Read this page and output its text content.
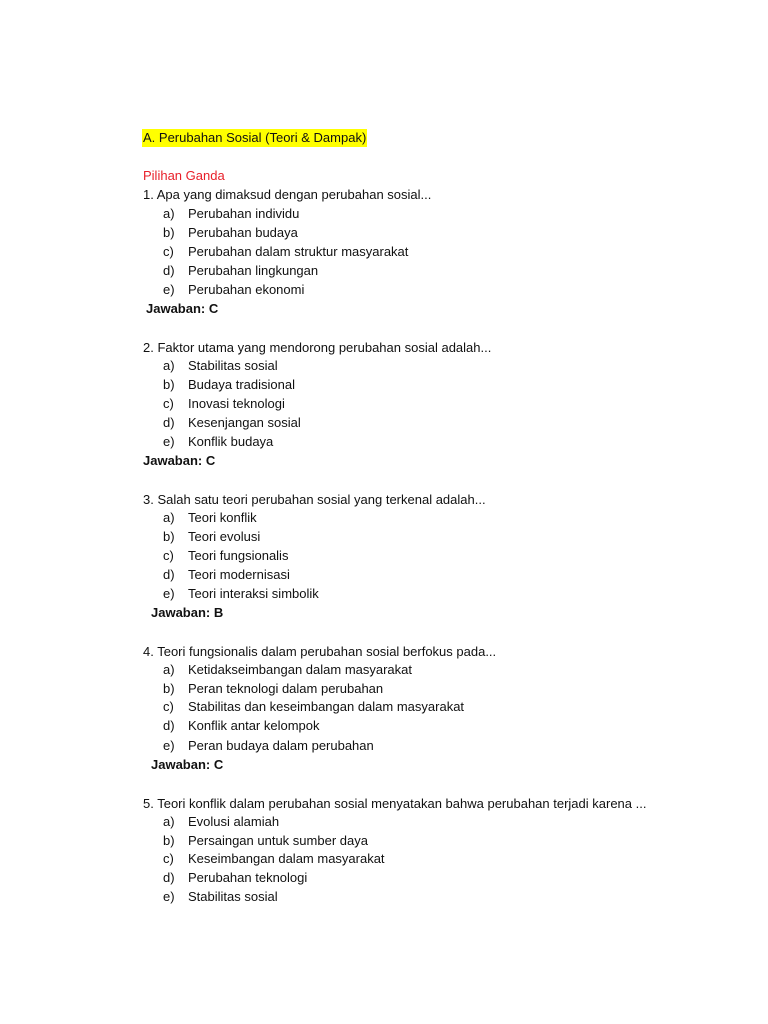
A. Perubahan Sosial (Teori & Dampak)
Pilihan Ganda
1. Apa yang dimaksud dengan perubahan sosial...
a) Perubahan individu
b) Perubahan budaya
c) Perubahan dalam struktur masyarakat
d) Perubahan lingkungan
e) Perubahan ekonomi
Jawaban: C
2. Faktor utama yang mendorong perubahan sosial adalah...
a) Stabilitas sosial
b) Budaya tradisional
c) Inovasi teknologi
d) Kesenjangan sosial
e) Konflik budaya
Jawaban: C
3. Salah satu teori perubahan sosial yang terkenal adalah...
a) Teori konflik
b) Teori evolusi
c) Teori fungsionalis
d) Teori modernisasi
e) Teori interaksi simbolik
Jawaban: B
4. Teori fungsionalis dalam perubahan sosial berfokus pada...
a) Ketidakseimbangan dalam masyarakat
b) Peran teknologi dalam perubahan
c) Stabilitas dan keseimbangan dalam masyarakat
d) Konflik antar kelompok
e) Peran budaya dalam perubahan
Jawaban: C
5. Teori konflik dalam perubahan sosial menyatakan bahwa perubahan terjadi karena ...
a) Evolusi alamiah
b) Persaingan untuk sumber daya
c) Keseimbangan dalam masyarakat
d) Perubahan teknologi
e) Stabilitas sosial
